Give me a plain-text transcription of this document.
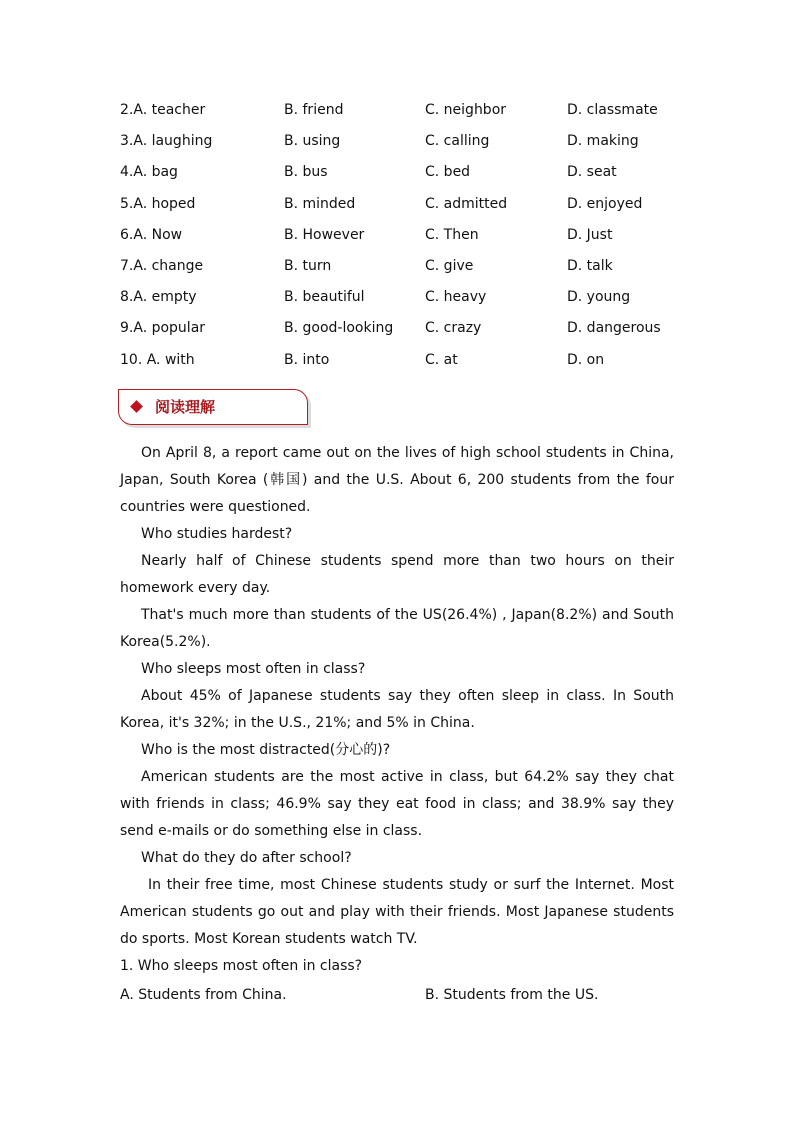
2.A. teacher	B. friend	C. neighbor	D. classmate
3.A. laughing	B. using	C. calling	D. making
4.A. bag	B. bus	C. bed	D. seat
5.A. hoped	B. minded	C. admitted	D. enjoyed
6.A. Now	B. However	C. Then	D. Just
7.A. change	B. turn	C. give	D. talk
8.A. empty	B. beautiful	C. heavy	D. young
9.A. popular	B. good-looking C. crazy	D. dangerous
10. A. with	B. into	C. at	D. on
阅读理解

On April 8, a report came out on the lives of high school students in China, Japan, South Korea (韩国) and the U.S. About 6, 200 students from the four countries were questioned.

Who studies hardest?

Nearly half of Chinese students spend more than two hours on their homework every day.

That's much more than students of the US(26.4%) , Japan(8.2%) and South Korea(5.2%).

Who sleeps most often in class?

About 45% of Japanese students say they often sleep in class. In South Korea, it's 32%; in the U.S., 21%; and 5% in China.

Who is the most distracted(分心的)?

American students are the most active in class, but 64.2% say they chat with friends in class; 46.9% say they eat food in class; and 38.9% say they send e-mails or do something else in class.

What do they do after school?

In their free time, most Chinese students study or surf the Internet. Most American students go out and play with their friends. Most Japanese students do sports. Most Korean students watch TV.

1. Who sleeps most often in class?
A. Students from China.	B. Students from the US.
